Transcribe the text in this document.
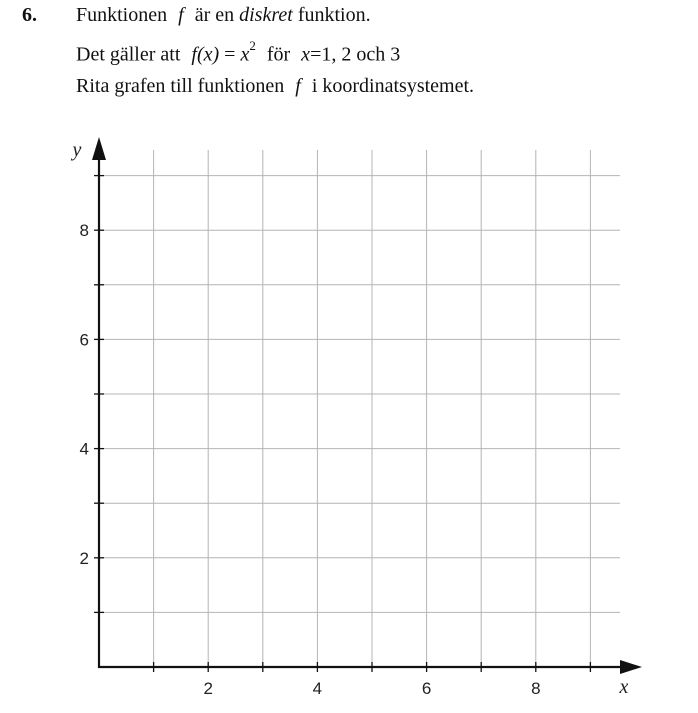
6. Funktionen f är en diskret funktion.
Det gäller att $f(x) = x^2$ för x=1, 2 och 3
Rita grafen till funktionen f i koordinatsystemet.
2	4	6	8
2
4
6
8
x
y
